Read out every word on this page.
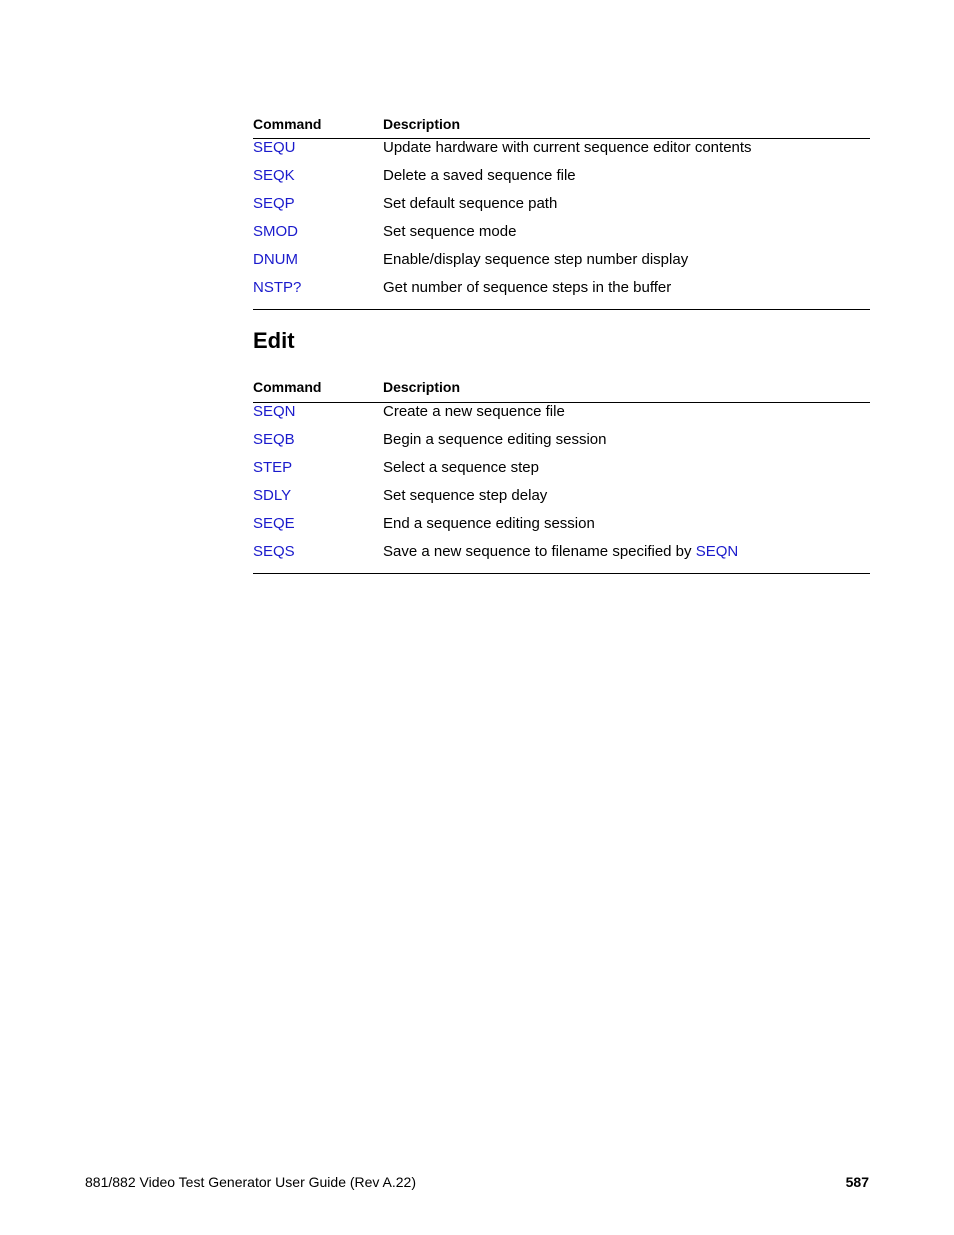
Command	Description
SEQU	Update hardware with current sequence editor contents
SEQK	Delete a saved sequence file
SEQP	Set default sequence path
SMOD	Set sequence mode
DNUM	Enable/display sequence step number display
NSTP?	Get number of sequence steps in the buffer
Edit
Command	Description
SEQN	Create a new sequence file
SEQB	Begin a sequence editing session
STEP	Select a sequence step
SDLY	Set sequence step delay
SEQE	End a sequence editing session
SEQS	Save a new sequence to filename specified by SEQN
881/882 Video Test Generator User Guide (Rev A.22)	587
